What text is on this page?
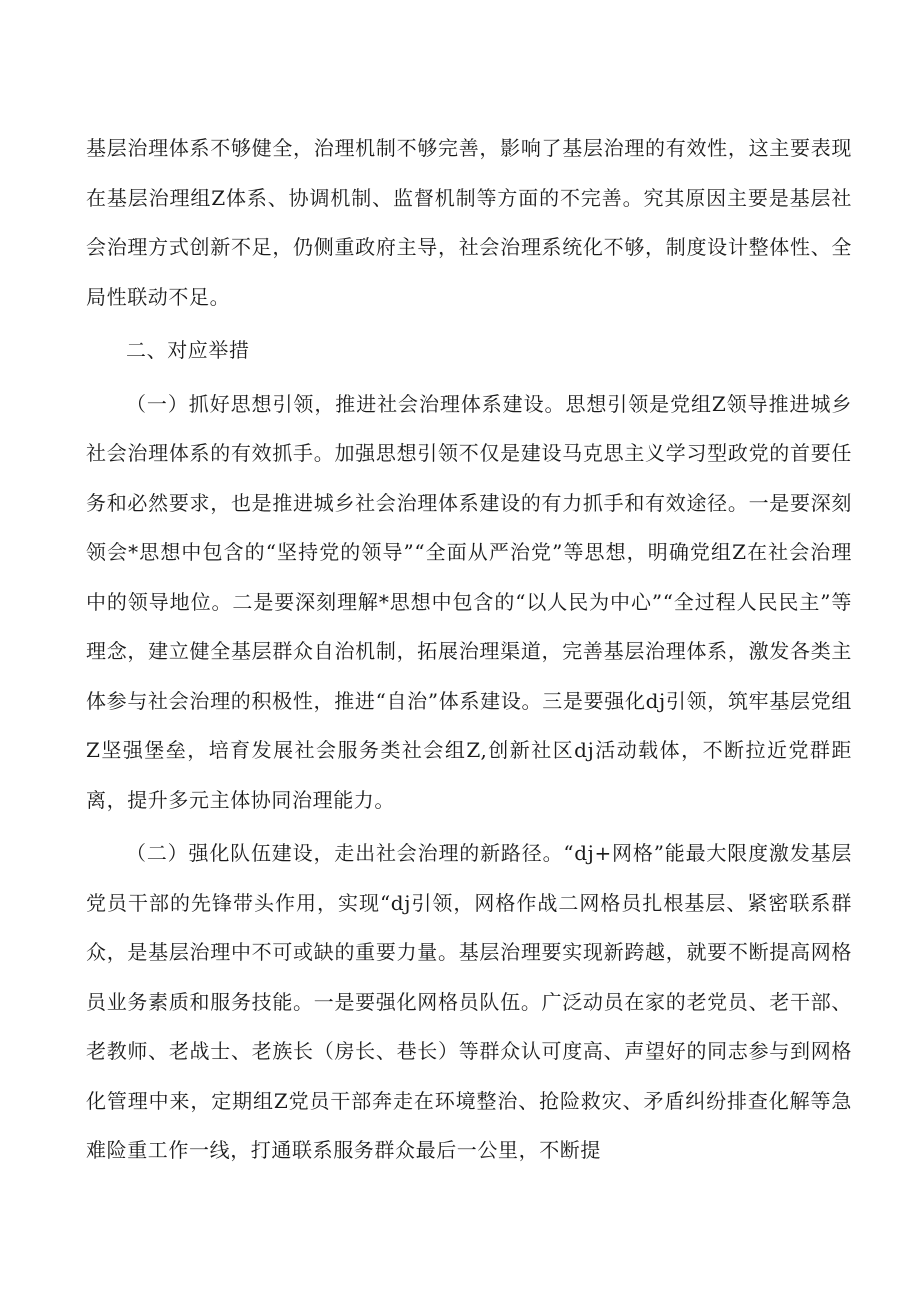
基层治理体系不够健全，治理机制不够完善，影响了基层治理的有效性，这主要表现在基层治理组Z体系、协调机制、监督机制等方面的不完善。究其原因主要是基层社会治理方式创新不足，仍侧重政府主导，社会治理系统化不够，制度设计整体性、全局性联动不足。

二、对应举措

（一）抓好思想引领，推进社会治理体系建设。思想引领是党组Z领导推进城乡社会治理体系的有效抓手。加强思想引领不仅是建设马克思主义学习型政党的首要任务和必然要求，也是推进城乡社会治理体系建设的有力抓手和有效途径。一是要深刻领会*思想中包含的“坚持党的领导”“全面从严治党”等思想，明确党组Z在社会治理中的领导地位。二是要深刻理解*思想中包含的“以人民为中心”“全过程人民民主”等理念，建立健全基层群众自治机制，拓展治理渠道，完善基层治理体系，激发各类主体参与社会治理的积极性，推进“自治”体系建设。三是要强化dj引领，筑牢基层党组Z坚强堡垒，培育发展社会服务类社会组Z,创新社区dj活动载体，不断拉近党群距离，提升多元主体协同治理能力。

（二）强化队伍建设，走出社会治理的新路径。“dj+网格”能最大限度激发基层党员干部的先锋带头作用，实现“dj引领，网格作战二网格员扎根基层、紧密联系群众，是基层治理中不可或缺的重要力量。基层治理要实现新跨越，就要不断提高网格员业务素质和服务技能。一是要强化网格员队伍。广泛动员在家的老党员、老干部、老教师、老战士、老族长（房长、巷长）等群众认可度高、声望好的同志参与到网格化管理中来，定期组Z党员干部奔走在环境整治、抢险救灾、矛盾纠纷排查化解等急难险重工作一线，打通联系服务群众最后一公里，不断提
